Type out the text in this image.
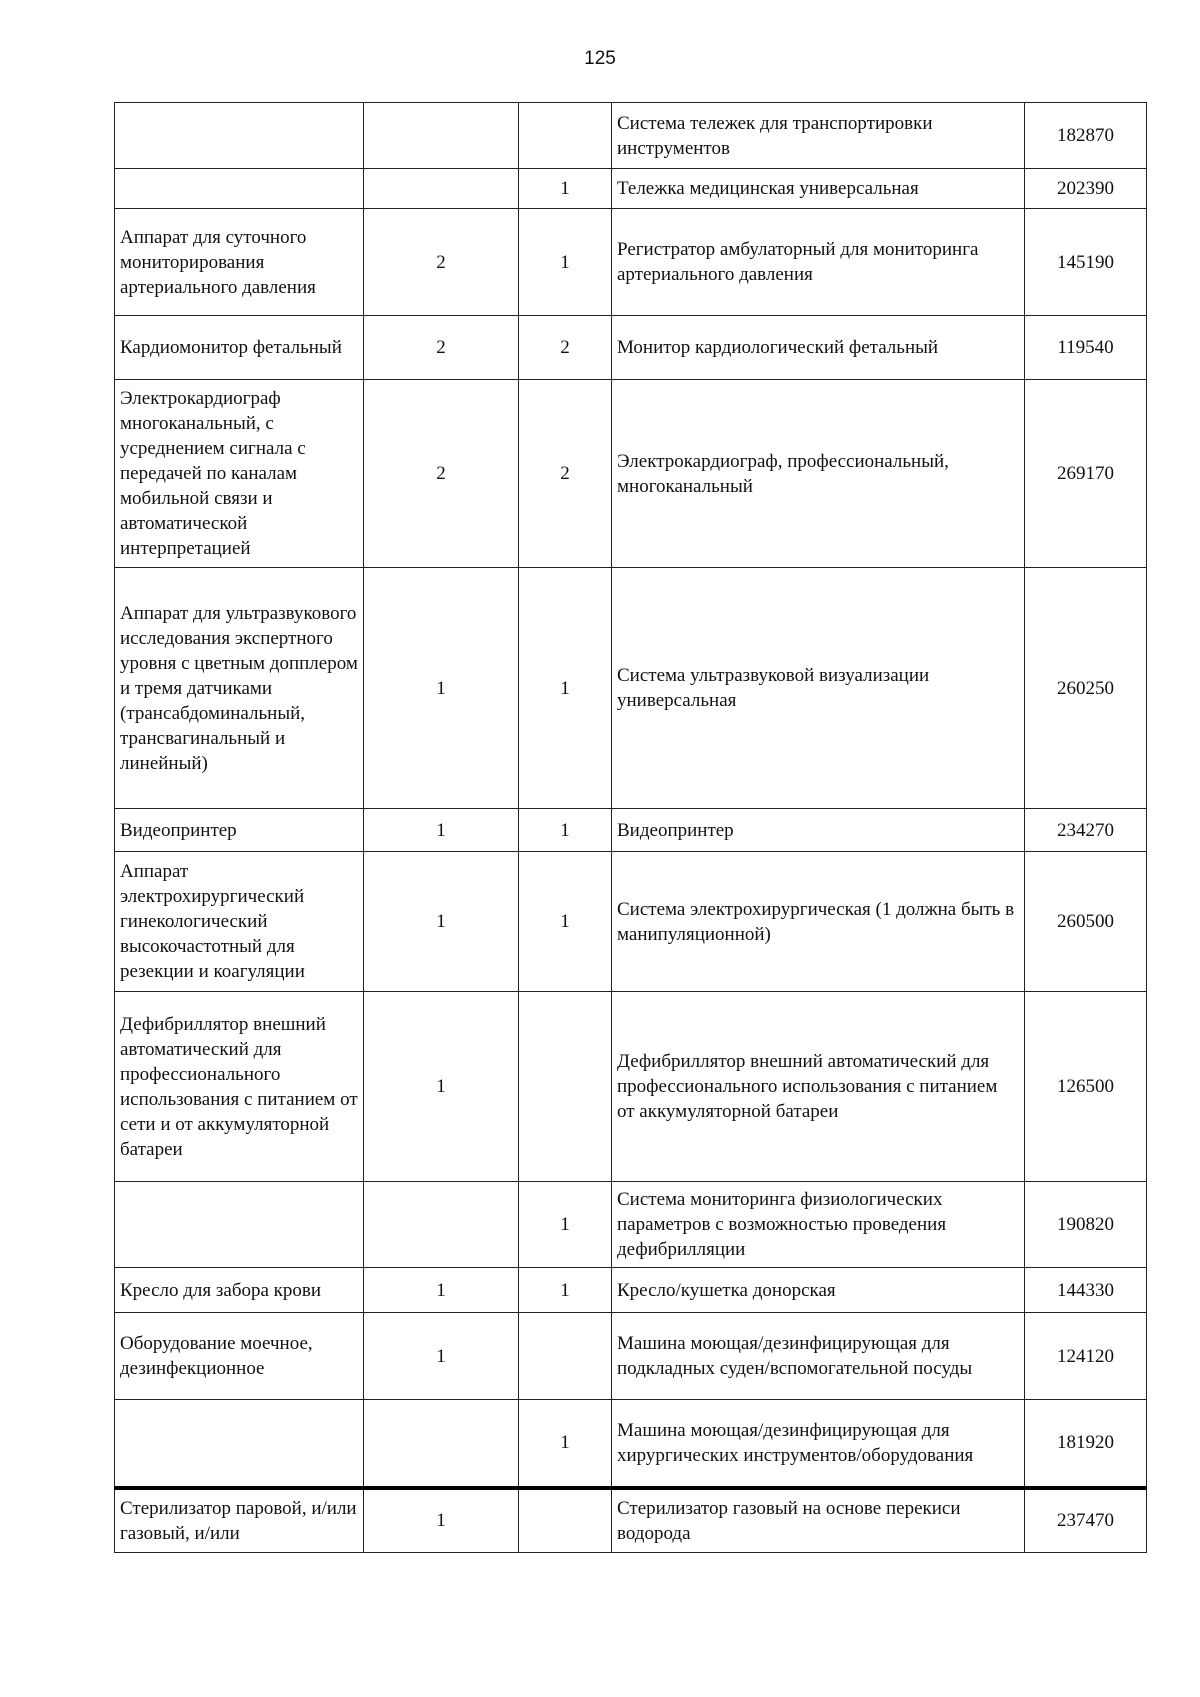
125
			Система тележек для транспортировки инструментов	182870
		1	Тележка медицинская универсальная	202390
Аппарат для суточного мониторирования артериального давления	2	1	Регистратор амбулаторный для мониторинга артериального давления	145190
Кардиомонитор фетальный	2	2	Монитор кардиологический фетальный	119540
Электрокардиограф многоканальный, с усреднением сигнала с передачей по каналам мобильной связи и автоматической интерпретацией	2	2	Электрокардиограф, профессиональный, многоканальный	269170
Аппарат для ультразвукового исследования экспертного уровня с цветным допплером и тремя датчиками (трансабдоминальный, трансвагинальный и линейный)	1	1	Система ультразвуковой визуализации универсальная	260250
Видеопринтер	1	1	Видеопринтер	234270
Аппарат электрохирургический гинекологический высокочастотный для резекции и коагуляции	1	1	Система электрохирургическая (1 должна быть в манипуляционной)	260500
Дефибриллятор внешний автоматический для профессионального использования с питанием от сети и от аккумуляторной батареи	1		Дефибриллятор внешний автоматический для профессионального использования с питанием от аккумуляторной батареи	126500
		1	Система мониторинга физиологических параметров с возможностью проведения дефибрилляции	190820
Кресло для забора крови	1	1	Кресло/кушетка донорская	144330
Оборудование моечное, дезинфекционное	1		Машина моющая/дезинфицирующая для подкладных суден/вспомогательной посуды	124120
		1	Машина моющая/дезинфицирующая для хирургических инструментов/оборудования	181920
Стерилизатор паровой, и/или газовый, и/или	1		Стерилизатор газовый на основе перекиси водорода	237470
